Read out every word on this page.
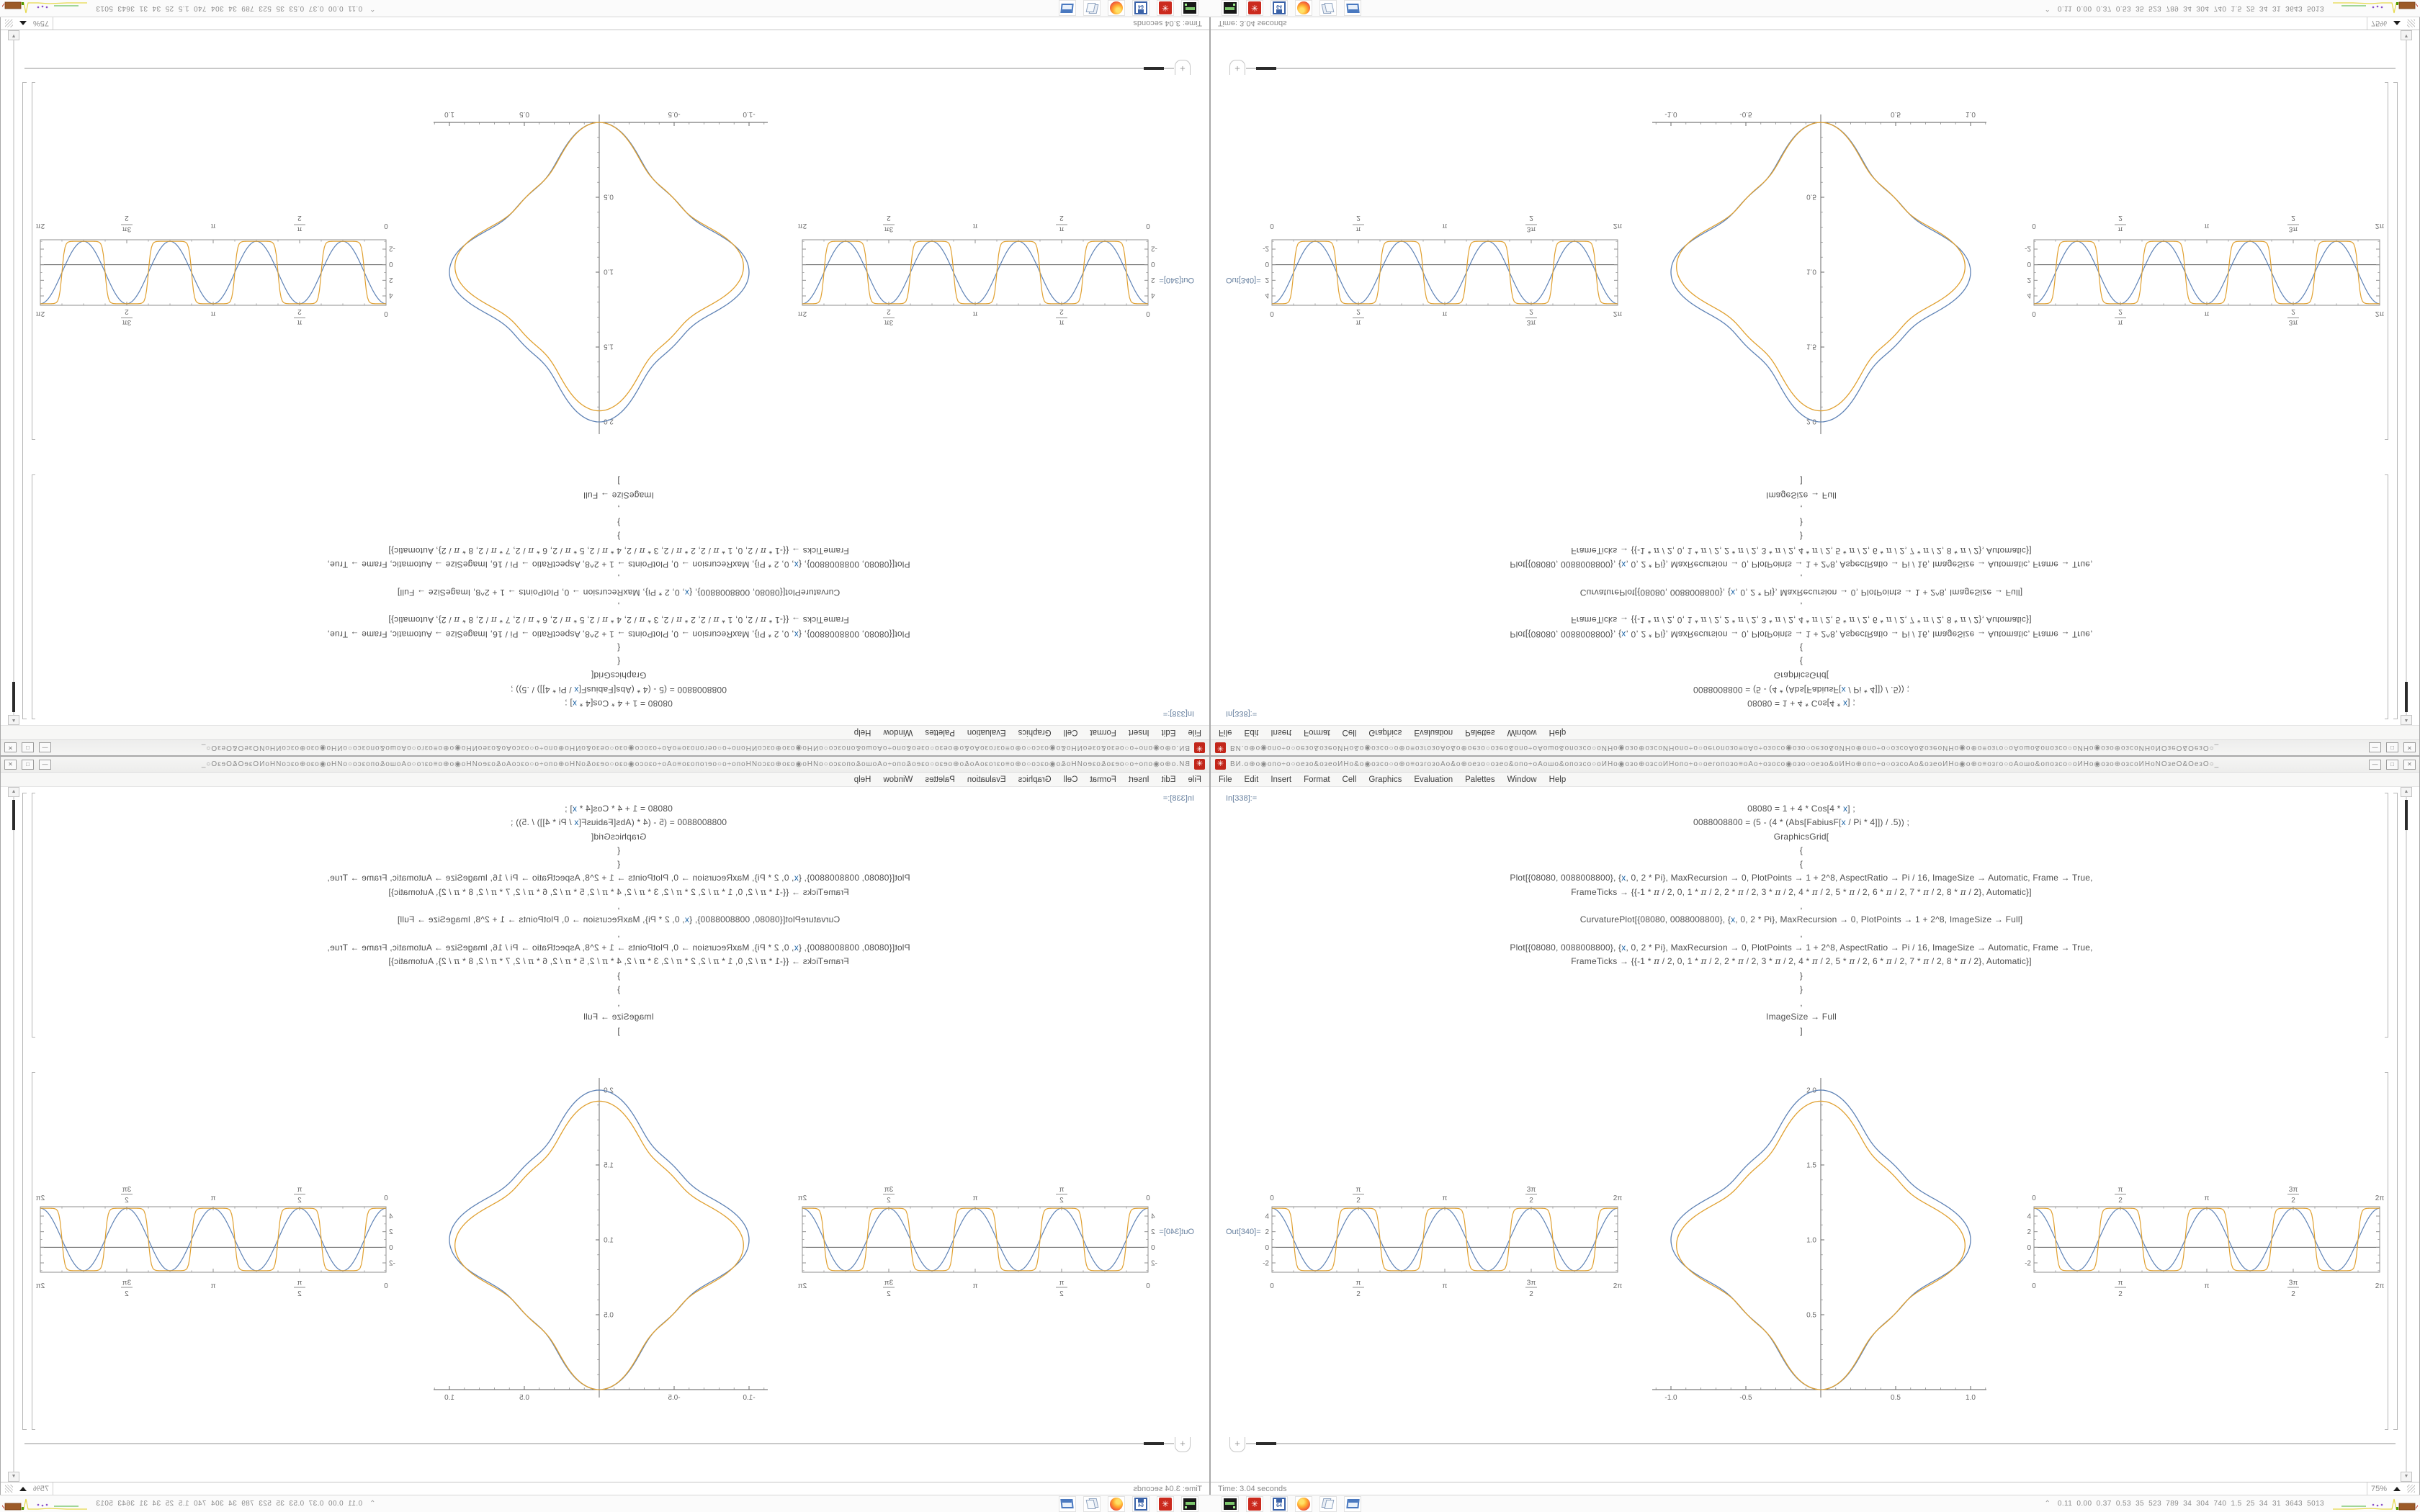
✳ ВИ.о⊕о◉опо÷о○оезо&озеоИНо&о◉озсо○о⊕о≡озгозоАо&о⊕оезо○озео&опо÷оАошо&опозсо○оИНо◉озо⊕озсоИНопо÷о○оегопозо≡оАо÷озосо◉озо○оезо&оИНо⊕опо÷о○озсоАо&озеоИНо◉о⊕о≡озго○оАошо&опозсо○оИНо◉озо⊕озсоИНоNОзеО&ОезО○_	—	□	✕
File Edit Insert Format Cell Graphics Evaluation Palettes Window Help
In[338]:=
08080 = 1 + 4 * Cos[4 * x] ;
0088008800 = (5 - (4 * (Abs[FabiusF[x / Pi * 4]]) / .5)) ;
GraphicsGrid[
{
{
Plot[{08080, 0088008800}, {x, 0, 2 * Pi}, MaxRecursion → 0, PlotPoints → 1 + 2^8, AspectRatio → Pi / 16, ImageSize → Automatic, Frame → True,
FrameTicks → {{-1 * π / 2, 0, 1 * π / 2, 2 * π / 2, 3 * π / 2, 4 * π / 2, 5 * π / 2, 6 * π / 2, 7 * π / 2, 8 * π / 2}, Automatic}]
,
CurvaturePlot[{08080, 0088008800}, {x, 0, 2 * Pi}, MaxRecursion → 0, PlotPoints → 1 + 2^8, ImageSize → Full]
,
Plot[{08080, 0088008800}, {x, 0, 2 * Pi}, MaxRecursion → 0, PlotPoints → 1 + 2^8, AspectRatio → Pi / 16, ImageSize → Automatic, Frame → True,
FrameTicks → {{-1 * π / 2, 0, 1 * π / 2, 2 * π / 2, 3 * π / 2, 4 * π / 2, 5 * π / 2, 6 * π / 2, 7 * π / 2, 8 * π / 2}, Automatic}]
}
}
,
ImageSize → Full
]
Out[340]=
0
0
π
2
π
2
π
π
3π
2
3π
2
2π
2π
-2
0
2
4
-1.0	-0.5	0.5	1.0
0.5
1.0
1.5
2.0
0
0
π
2
π
2
π
π
3π
2
3π
2
2π
2π
-2
0
2
4
+
▲
▼
Time: 3.04 seconds	75%
✳	64	⌃ 0.11 0.00 0.37 0.53 35 523 789 34 304 740 1.5 25 34 31 3643 5013
✳
ВИ.о⊕о◉опо÷о○оезо&озеоИНо&о◉озсо○о⊕о≡озгозоАо&о⊕оезо○озео&опо÷оАошо&опозсо○оИНо◉озо⊕озсоИНопо÷о○оегопозо≡оАо÷озосо◉озо○оезо&оИНо⊕опо÷о○озсоАо&озеоИНо◉о⊕о≡озго○оАошо&опозсо○оИНо◉озо⊕озсоИНоNОзеО&ОезО○_
—
□
✕
File
Edit
Insert
Format
Cell
Graphics
Evaluation
Palettes
Window
Help
In[338]:=
08080 = 1 + 4 * Cos[4 * x] ;
0088008800 = (5 - (4 * (Abs[FabiusF[x / Pi * 4]]) / .5)) ;
GraphicsGrid[
{
{
Plot[{08080, 0088008800}, {x, 0, 2 * Pi}, MaxRecursion → 0, PlotPoints → 1 + 2^8, AspectRatio → Pi / 16, ImageSize → Automatic, Frame → True,
FrameTicks → {{-1 * π / 2, 0, 1 * π / 2, 2 * π / 2, 3 * π / 2, 4 * π / 2, 5 * π / 2, 6 * π / 2, 7 * π / 2, 8 * π / 2}, Automatic}]
,
CurvaturePlot[{08080, 0088008800}, {x, 0, 2 * Pi}, MaxRecursion → 0, PlotPoints → 1 + 2^8, ImageSize → Full]
,
Plot[{08080, 0088008800}, {x, 0, 2 * Pi}, MaxRecursion → 0, PlotPoints → 1 + 2^8, AspectRatio → Pi / 16, ImageSize → Automatic, Frame → True,
FrameTicks → {{-1 * π / 2, 0, 1 * π / 2, 2 * π / 2, 3 * π / 2, 4 * π / 2, 5 * π / 2, 6 * π / 2, 7 * π / 2, 8 * π / 2}, Automatic}]
}
}
,
ImageSize → Full
]
Out[340]=
0
0
π
2
π
2
π
π
3π
2
3π
2
2π
2π
-2
0
2
4
-1.0
-0.5
0.5
1.0
0.5
1.0
1.5
2.0
0
0
π
2
π
2
π
π
3π
2
3π
2
2π
2π
-2
0
2
4
+
▲
▼
Time: 3.04 seconds
75%
✳
64
⌃
0.11 0.00 0.37 0.53 35 523 789 34 304 740 1.5 25 34 31 3643 5013
✳ ВИ.о⊕о◉опо÷о○оезо&озеоИНо&о◉озсо○о⊕о≡озгозоАо&о⊕оезо○озео&опо÷оАошо&опозсо○оИНо◉озо⊕озсоИНопо÷о○оегопозо≡оАо÷озосо◉озо○оезо&оИНо⊕опо÷о○озсоАо&озеоИНо◉о⊕о≡озго○оАошо&опозсо○оИНо◉озо⊕озсоИНоNОзеО&ОезО○_	—	□	✕
File Edit Insert Format Cell Graphics Evaluation Palettes Window Help
In[338]:=
08080 = 1 + 4 * Cos[4 * x] ;
0088008800 = (5 - (4 * (Abs[FabiusF[x / Pi * 4]]) / .5)) ;
GraphicsGrid[
{
{
Plot[{08080, 0088008800}, {x, 0, 2 * Pi}, MaxRecursion → 0, PlotPoints → 1 + 2^8, AspectRatio → Pi / 16, ImageSize → Automatic, Frame → True,
FrameTicks → {{-1 * π / 2, 0, 1 * π / 2, 2 * π / 2, 3 * π / 2, 4 * π / 2, 5 * π / 2, 6 * π / 2, 7 * π / 2, 8 * π / 2}, Automatic}]
,
CurvaturePlot[{08080, 0088008800}, {x, 0, 2 * Pi}, MaxRecursion → 0, PlotPoints → 1 + 2^8, ImageSize → Full]
,
Plot[{08080, 0088008800}, {x, 0, 2 * Pi}, MaxRecursion → 0, PlotPoints → 1 + 2^8, AspectRatio → Pi / 16, ImageSize → Automatic, Frame → True,
FrameTicks → {{-1 * π / 2, 0, 1 * π / 2, 2 * π / 2, 3 * π / 2, 4 * π / 2, 5 * π / 2, 6 * π / 2, 7 * π / 2, 8 * π / 2}, Automatic}]
}
}
,
ImageSize → Full
]
Out[340]=
0
0
π
2
π
2
π
π
3π
2
3π
2
2π
2π
-2
0
2
4
-1.0	-0.5	0.5	1.0
0.5
1.0
1.5
2.0
0
0
π
2
π
2
π
π
3π
2
3π
2
2π
2π
-2
0
2
4
+
▲
▼
Time: 3.04 seconds	75%
✳	64	⌃ 0.11 0.00 0.37 0.53 35 523 789 34 304 740 1.5 25 34 31 3643 5013
✳
ВИ.о⊕о◉опо÷о○оезо&озеоИНо&о◉озсо○о⊕о≡озгозоАо&о⊕оезо○озео&опо÷оАошо&опозсо○оИНо◉озо⊕озсоИНопо÷о○оегопозо≡оАо÷озосо◉озо○оезо&оИНо⊕опо÷о○озсоАо&озеоИНо◉о⊕о≡озго○оАошо&опозсо○оИНо◉озо⊕озсоИНоNОзеО&ОезО○_
—
□
✕
File
Edit
Insert
Format
Cell
Graphics
Evaluation
Palettes
Window
Help
In[338]:=
08080 = 1 + 4 * Cos[4 * x] ;
0088008800 = (5 - (4 * (Abs[FabiusF[x / Pi * 4]]) / .5)) ;
GraphicsGrid[
{
{
Plot[{08080, 0088008800}, {x, 0, 2 * Pi}, MaxRecursion → 0, PlotPoints → 1 + 2^8, AspectRatio → Pi / 16, ImageSize → Automatic, Frame → True,
FrameTicks → {{-1 * π / 2, 0, 1 * π / 2, 2 * π / 2, 3 * π / 2, 4 * π / 2, 5 * π / 2, 6 * π / 2, 7 * π / 2, 8 * π / 2}, Automatic}]
,
CurvaturePlot[{08080, 0088008800}, {x, 0, 2 * Pi}, MaxRecursion → 0, PlotPoints → 1 + 2^8, ImageSize → Full]
,
Plot[{08080, 0088008800}, {x, 0, 2 * Pi}, MaxRecursion → 0, PlotPoints → 1 + 2^8, AspectRatio → Pi / 16, ImageSize → Automatic, Frame → True,
FrameTicks → {{-1 * π / 2, 0, 1 * π / 2, 2 * π / 2, 3 * π / 2, 4 * π / 2, 5 * π / 2, 6 * π / 2, 7 * π / 2, 8 * π / 2}, Automatic}]
}
}
,
ImageSize → Full
]
Out[340]=
0
0
π
2
π
2
π
π
3π
2
3π
2
2π
2π
-2
0
2
4
-1.0
-0.5
0.5
1.0
0.5
1.0
1.5
2.0
0
0
π
2
π
2
π
π
3π
2
3π
2
2π
2π
-2
0
2
4
+
▲
▼
Time: 3.04 seconds
75%
✳
64
⌃
0.11 0.00 0.37 0.53 35 523 789 34 304 740 1.5 25 34 31 3643 5013
